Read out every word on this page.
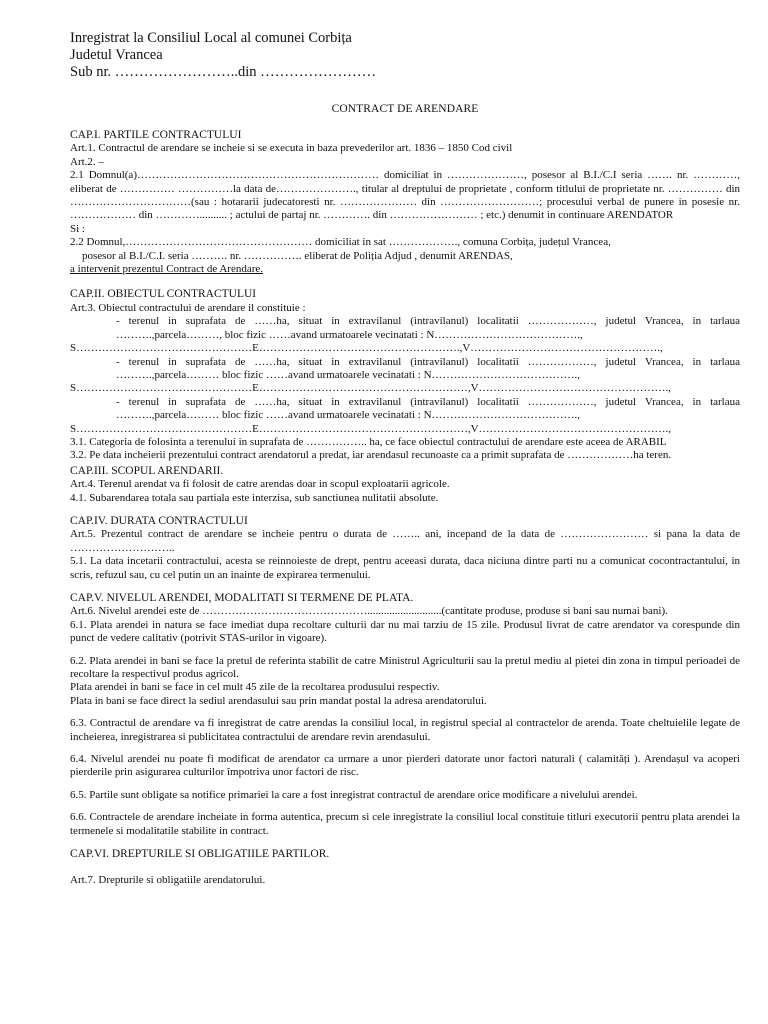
Inregistrat la Consiliul Local al comunei Corbița
Judetul Vrancea
Sub nr. ……………………..din ……………………
CONTRACT DE ARENDARE
CAP.I. PARTILE CONTRACTULUI

Art.1. Contractul de arendare se incheie si se executa in baza prevederilor art. 1836 – 1850 Cod civil

Art.2. –

2.1 Domnul(a)………………………………………………………… domiciliat in …………………, posesor al B.I./C.I seria ……. nr. …………, eliberat de …………… ……………la data de…………………., titular al dreptului de proprietate , conform titlului de proprietate nr. …………… din ……………………………(sau : hotararii judecatoresti nr. ………………… din ………………………; procesului verbal de punere in posesie nr. ……………… din ………….......... ; actului de partaj nr. …………. din …………………… ; etc.) denumit in continuare ARENDATOR

Si :

2.2 Domnul,…………………………………………… domiciliat in sat ………………., comuna Corbița, județul Vrancea,

posesor al B.I./C.I. seria ………. nr. ……………. eliberat de Poliția Adjud , denumit ARENDAS,

a intervenit prezentul Contract de Arendare.

CAP.II. OBIECTUL CONTRACTULUI

Art.3. Obiectul contractului de arendare il constituie :

- terenul in suprafata de ……ha, situat in extravilanul (intravilanul) localitatii ………………, judetul Vrancea, in tarlaua ……….,parcela………, bloc fizic ……avand urmatoarele vecinatati : N………………………………….,

S…………………………………………E……………………………………………….,V…………………………………………….,

- terenul in suprafata de ……ha, situat in extravilanul (intravilanul) localitatii ………………, judetul Vrancea, in tarlaua ……….,parcela……… bloc fizic ……avand urmatoarele vecinatati : N………………………………….,

S…………………………………………E…………………………………………………,V…………………………………………….,

- terenul in suprafata de ……ha, situat in extravilanul (intravilanul) localitatii ………………, judetul Vrancea, in tarlaua ……….,parcela……… bloc fizic ……avand urmatoarele vecinatati : N………………………………….,

S…………………………………………E…………………………………………………,V…………………………………………….,

3.1. Categoria de folosinta a terenului in suprafata de …………….. ha, ce face obiectul contractului de arendare este aceea de ARABIL

3.2. Pe data incheierii prezentului contract arendatorul a predat, iar arendasul recunoaste ca a primit suprafata de ………………ha teren.

CAP.III. SCOPUL ARENDARII.

Art.4. Terenul arendat va fi folosit de catre arendas doar in scopul exploatarii agricole.

4.1. Subarendarea totala sau partiala este interzisa, sub sanctiunea nulitatii absolute.

CAP.IV. DURATA CONTRACTULUI

Art.5. Prezentul contract de arendare se incheie pentru o durata de …….. ani, incepand de la data de …………………… si pana la data de ………………………..

5.1. La data incetarii contractului, acesta se reinnoieste de drept, pentru aceeasi durata, daca niciuna dintre parti nu a comunicat cocontractantului, in scris, refuzul sau, cu cel putin un an inainte de expirarea termenului.

CAP.V. NIVELUL ARENDEI, MODALITATI SI TERMENE DE PLATA.

Art.6. Nivelul arendei este de ………………………………………...........................(cantitate produse, produse si bani sau numai bani).

6.1. Plata arendei in natura se face imediat dupa recoltare culturii dar nu mai tarziu de 15 zile. Produsul livrat de catre arendator va corespunde din punct de vedere calitativ (potrivit STAS-urilor in vigoare).

6.2. Plata arendei in bani se face la pretul de referinta stabilit de catre Ministrul Agriculturii sau la pretul mediu al pietei din zona in timpul perioadei de recoltare la respectivul produs agricol.

Plata arendei in bani se face in cel mult 45 zile de la recoltarea produsului respectiv.

Plata in bani se face direct la sediul arendasului sau prin mandat postal la adresa arendatorului.

6.3. Contractul de arendare va fi inregistrat de catre arendas la consiliul local, in registrul special al contractelor de arenda. Toate cheltuielile legate de incheierea, inregistrarea si publicitatea contractului de arendare revin arendasului.

6.4. Nivelul arendei nu poate fi modificat de arendator ca urmare a unor pierderi datorate unor factori naturali ( calamități ). Arendașul va acoperi pierderile prin asigurarea culturilor împotriva unor factori de risc.

6.5. Partile sunt obligate sa notifice primariei la care a fost inregistrat contractul de arendare orice modificare a nivelului arendei.

6.6. Contractele de arendare incheiate in forma autentica, precum si cele inregistrate la consiliul local constituie titluri executorii pentru plata arendei la termenele si modalitatile stabilite in contract.

CAP.VI. DREPTURILE SI OBLIGATIILE PARTILOR.

Art.7. Drepturile si obligatiile arendatorului.
